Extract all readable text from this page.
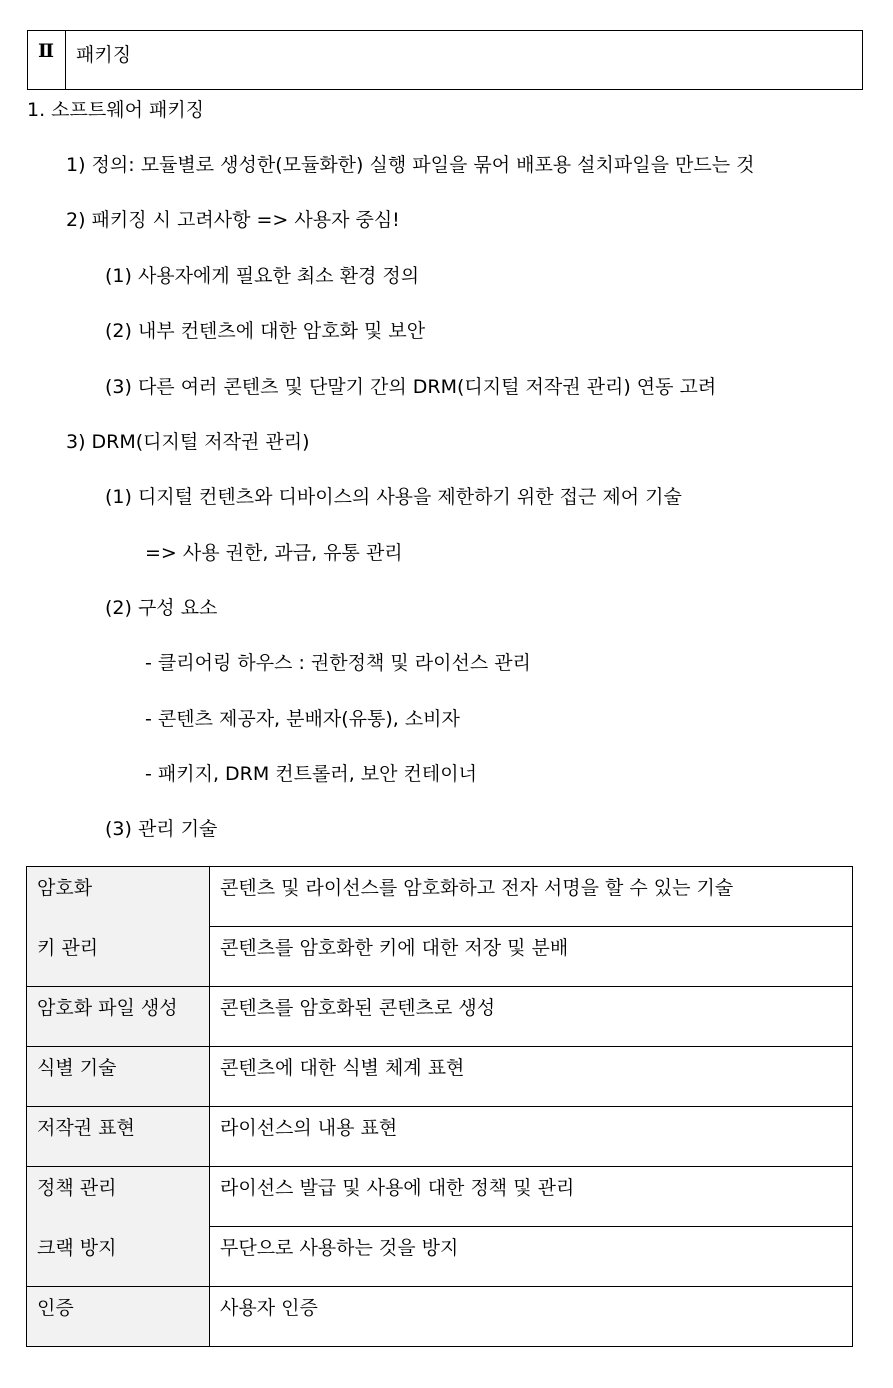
Ⅱ	패키징
1. 소프트웨어 패키징
1) 정의: 모듈별로 생성한(모듈화한) 실행 파일을 묶어 배포용 설치파일을 만드는 것
2) 패키징 시 고려사항 => 사용자 중심!
(1) 사용자에게 필요한 최소 환경 정의
(2) 내부 컨텐츠에 대한 암호화 및 보안
(3) 다른 여러 콘텐츠 및 단말기 간의 DRM(디지털 저작권 관리) 연동 고려
3) DRM(디지털 저작권 관리)
(1) 디지털 컨텐츠와 디바이스의 사용을 제한하기 위한 접근 제어 기술
=> 사용 권한, 과금, 유통 관리
(2) 구성 요소
- 클리어링 하우스 : 권한정책 및 라이선스 관리
- 콘텐츠 제공자, 분배자(유통), 소비자
- 패키지, DRM 컨트롤러, 보안 컨테이너
(3) 관리 기술
암호화	콘텐츠 및 라이선스를 암호화하고 전자 서명을 할 수 있는 기술
키 관리	콘텐츠를 암호화한 키에 대한 저장 및 분배
암호화 파일 생성	콘텐츠를 암호화된 콘텐츠로 생성
식별 기술	콘텐츠에 대한 식별 체계 표현
저작권 표현	라이선스의 내용 표현
정책 관리	라이선스 발급 및 사용에 대한 정책 및 관리
크랙 방지	무단으로 사용하는 것을 방지
인증	사용자 인증
